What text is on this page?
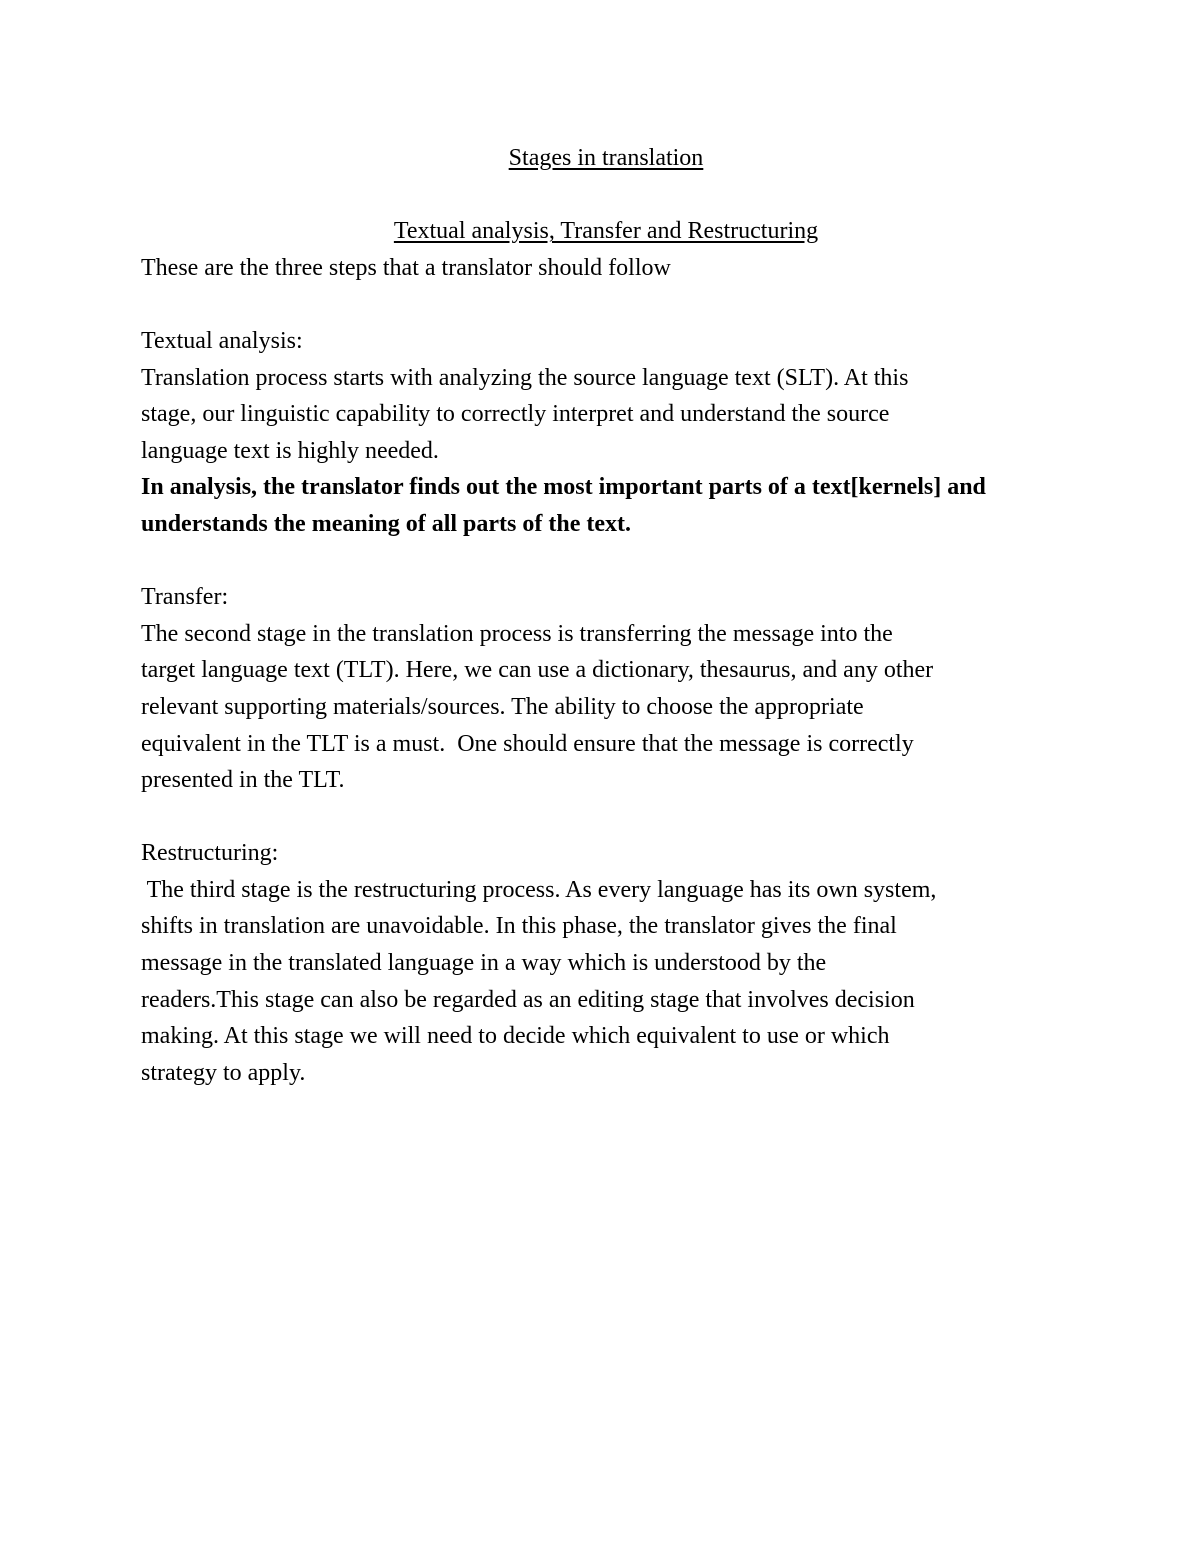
Stages in translation
Textual analysis, Transfer and Restructuring
These are the three steps that a translator should follow
Textual analysis:
Translation process starts with analyzing the source language text (SLT). At this
stage, our linguistic capability to correctly interpret and understand the source
language text is highly needed.
In analysis, the translator finds out the most important parts of a text[kernels] and
understands the meaning of all parts of the text.
Transfer:
The second stage in the translation process is transferring the message into the
target language text (TLT). Here, we can use a dictionary, thesaurus, and any other
relevant supporting materials/sources. The ability to choose the appropriate
equivalent in the TLT is a must.  One should ensure that the message is correctly
presented in the TLT.
Restructuring:
The third stage is the restructuring process. As every language has its own system,
shifts in translation are unavoidable. In this phase, the translator gives the final
message in the translated language in a way which is understood by the
readers.This stage can also be regarded as an editing stage that involves decision
making. At this stage we will need to decide which equivalent to use or which
strategy to apply.
